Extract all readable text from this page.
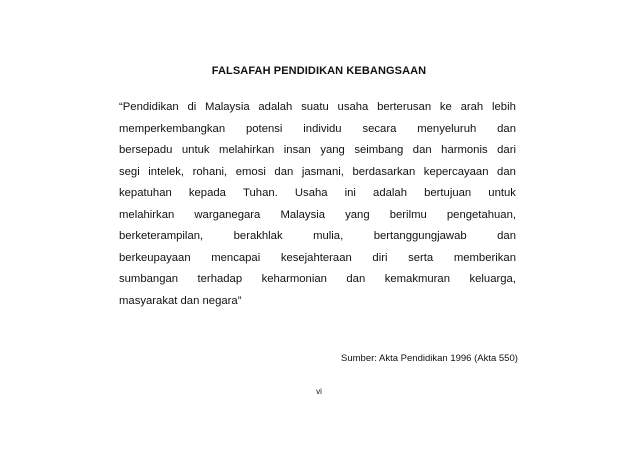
FALSAFAH PENDIDIKAN KEBANGSAAN
“Pendidikan di Malaysia adalah suatu usaha berterusan ke arah lebih
memperkembangkan potensi individu secara menyeluruh dan
bersepadu untuk melahirkan insan yang seimbang dan harmonis dari
segi intelek, rohani, emosi dan jasmani, berdasarkan kepercayaan dan
kepatuhan kepada Tuhan. Usaha ini adalah bertujuan untuk
melahirkan warganegara Malaysia yang berilmu pengetahuan,
berketerampilan,	berakhlak	mulia,	bertanggungjawab	dan
berkeupayaan mencapai kesejahteraan diri serta memberikan
sumbangan terhadap keharmonian dan kemakmuran keluarga,
masyarakat dan negara”
Sumber: Akta Pendidikan 1996 (Akta 550)
vi
